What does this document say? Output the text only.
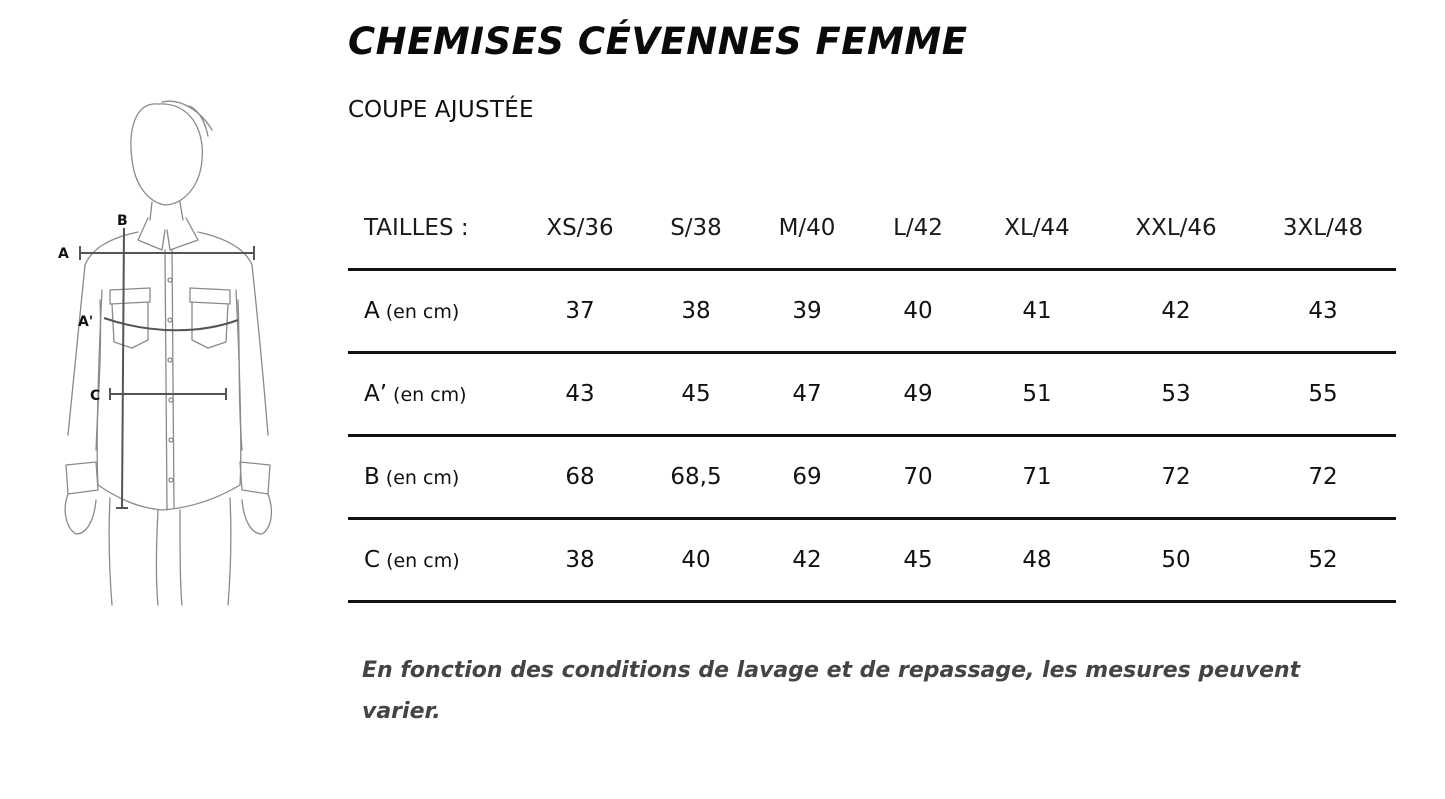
A
B
A'
C
CHEMISES CÉVENNES FEMME

COUPE AJUSTÉE

TAILLES :	XS/36	S/38	M/40	L/42	XL/44	XXL/46	3XL/48
A (en cm)	37	38	39	40	41	42	43
A’ (en cm)	43	45	47	49	51	53	55
B (en cm)	68	68,5	69	70	71	72	72
C (en cm)	38	40	42	45	48	50	52

En fonction des conditions de lavage et de repassage, les mesures peuvent varier.
